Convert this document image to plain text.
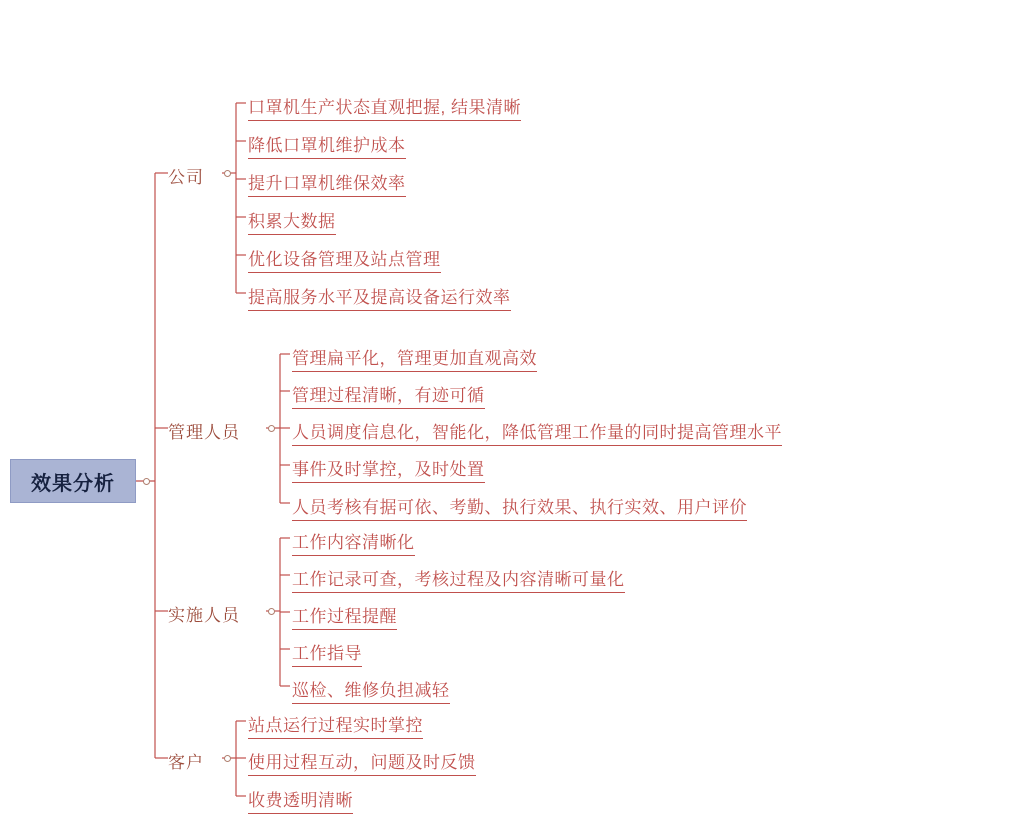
效果分析
公司
口罩机生产状态直观把握, 结果清晰
降低口罩机维护成本
提升口罩机维保效率
积累大数据
优化设备管理及站点管理
提高服务水平及提高设备运行效率
管理人员
管理扁平化，管理更加直观高效
管理过程清晰，有迹可循
人员调度信息化，智能化，降低管理工作量的同时提高管理水平
事件及时掌控，及时处置
人员考核有据可依、考勤、执行效果、执行实效、用户评价
实施人员
工作内容清晰化
工作记录可查，考核过程及内容清晰可量化
工作过程提醒
工作指导
巡检、维修负担减轻
客户
站点运行过程实时掌控
使用过程互动，问题及时反馈
收费透明清晰
